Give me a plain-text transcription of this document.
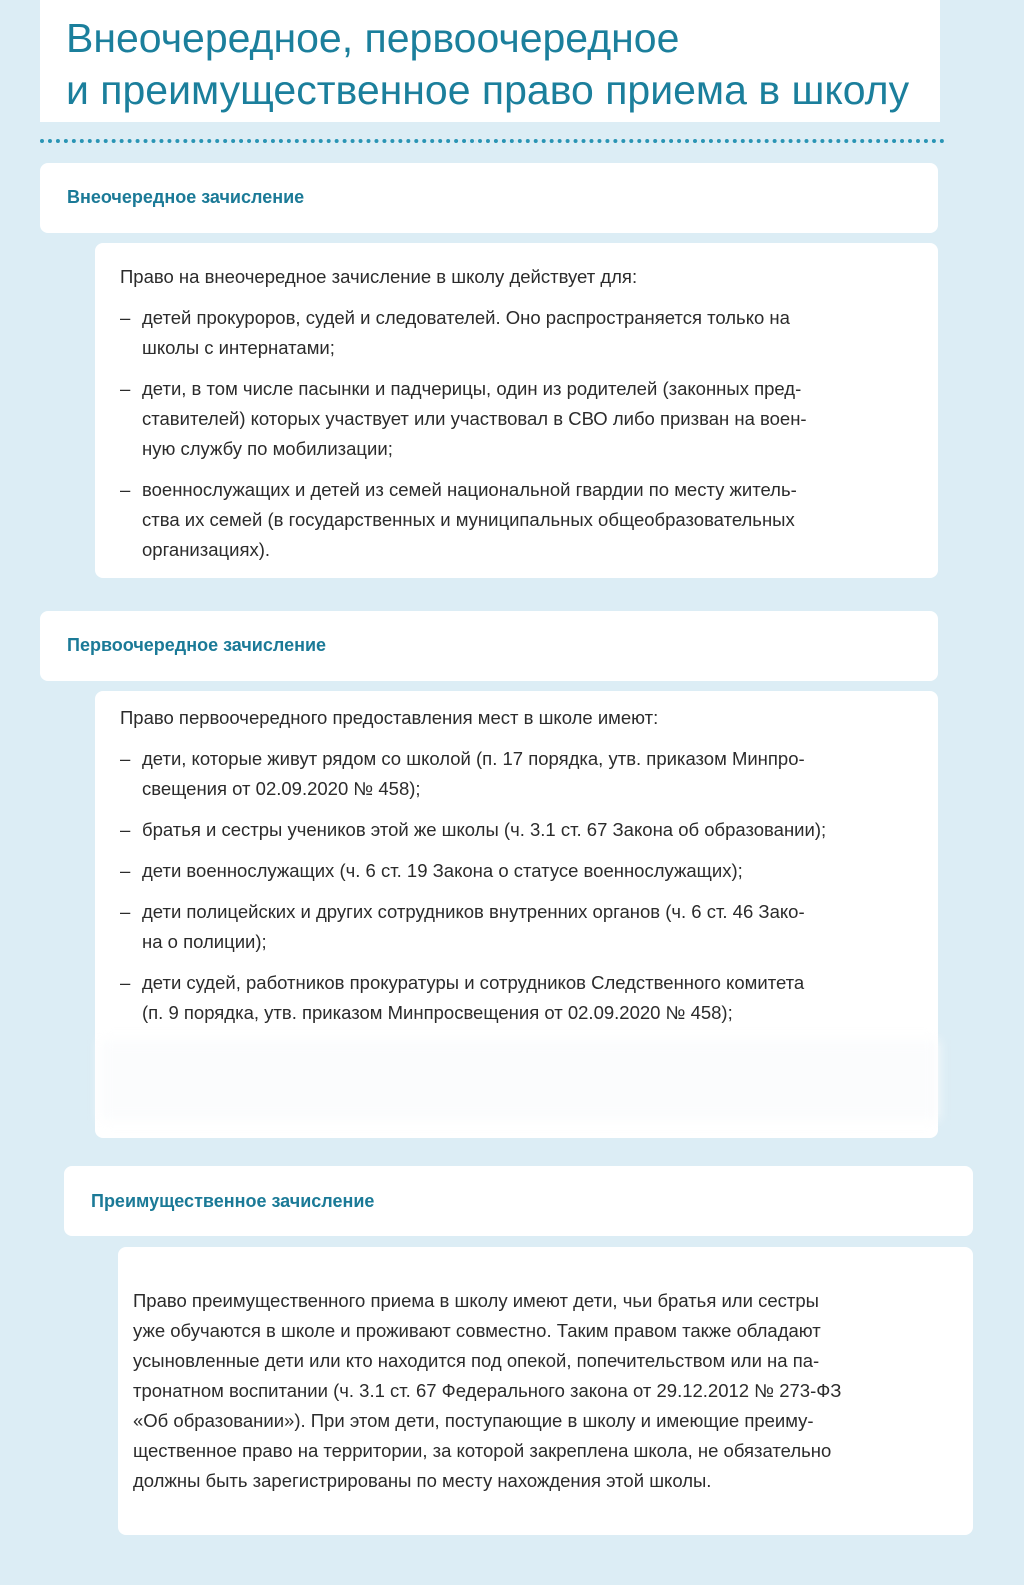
Внеочередное, первоочередное
и преимущественное право приема в школу
Внеочередное зачисление
Право на внеочередное зачисление в школу действует для:
– детей прокуроров, судей и следователей. Оно распространяется только на
школы с интернатами;
– дети, в том числе пасынки и падчерицы, один из родителей (законных пред-
ставителей) которых участвует или участвовал в СВО либо призван на воен-
ную службу по мобилизации;
– военнослужащих и детей из семей национальной гвардии по месту житель-
ства их семей (в государственных и муниципальных общеобразовательных
организациях).
Первоочередное зачисление
Право первоочередного предоставления мест в школе имеют:
– дети, которые живут рядом со школой (п. 17 порядка, утв. приказом Минпро-
свещения от 02.09.2020 № 458);
– братья и сестры учеников этой же школы (ч. 3.1 ст. 67 Закона об образовании);
– дети военнослужащих (ч. 6 ст. 19 Закона о статусе военнослужащих);
– дети полицейских и других сотрудников внутренних органов (ч. 6 ст. 46 Зако-
на о полиции);
– дети судей, работников прокуратуры и сотрудников Следственного комитета
(п. 9 порядка, утв. приказом Минпросвещения от 02.09.2020 № 458);
Преимущественное зачисление
Право преимущественного приема в школу имеют дети, чьи братья или сестры
уже обучаются в школе и проживают совместно. Таким правом также обладают
усыновленные дети или кто находится под опекой, попечительством или на па-
тронатном воспитании (ч. 3.1 ст. 67 Федерального закона от 29.12.2012 № 273-ФЗ
«Об образовании»). При этом дети, поступающие в школу и имеющие преиму-
щественное право на территории, за которой закреплена школа, не обязательно
должны быть зарегистрированы по месту нахождения этой школы.
